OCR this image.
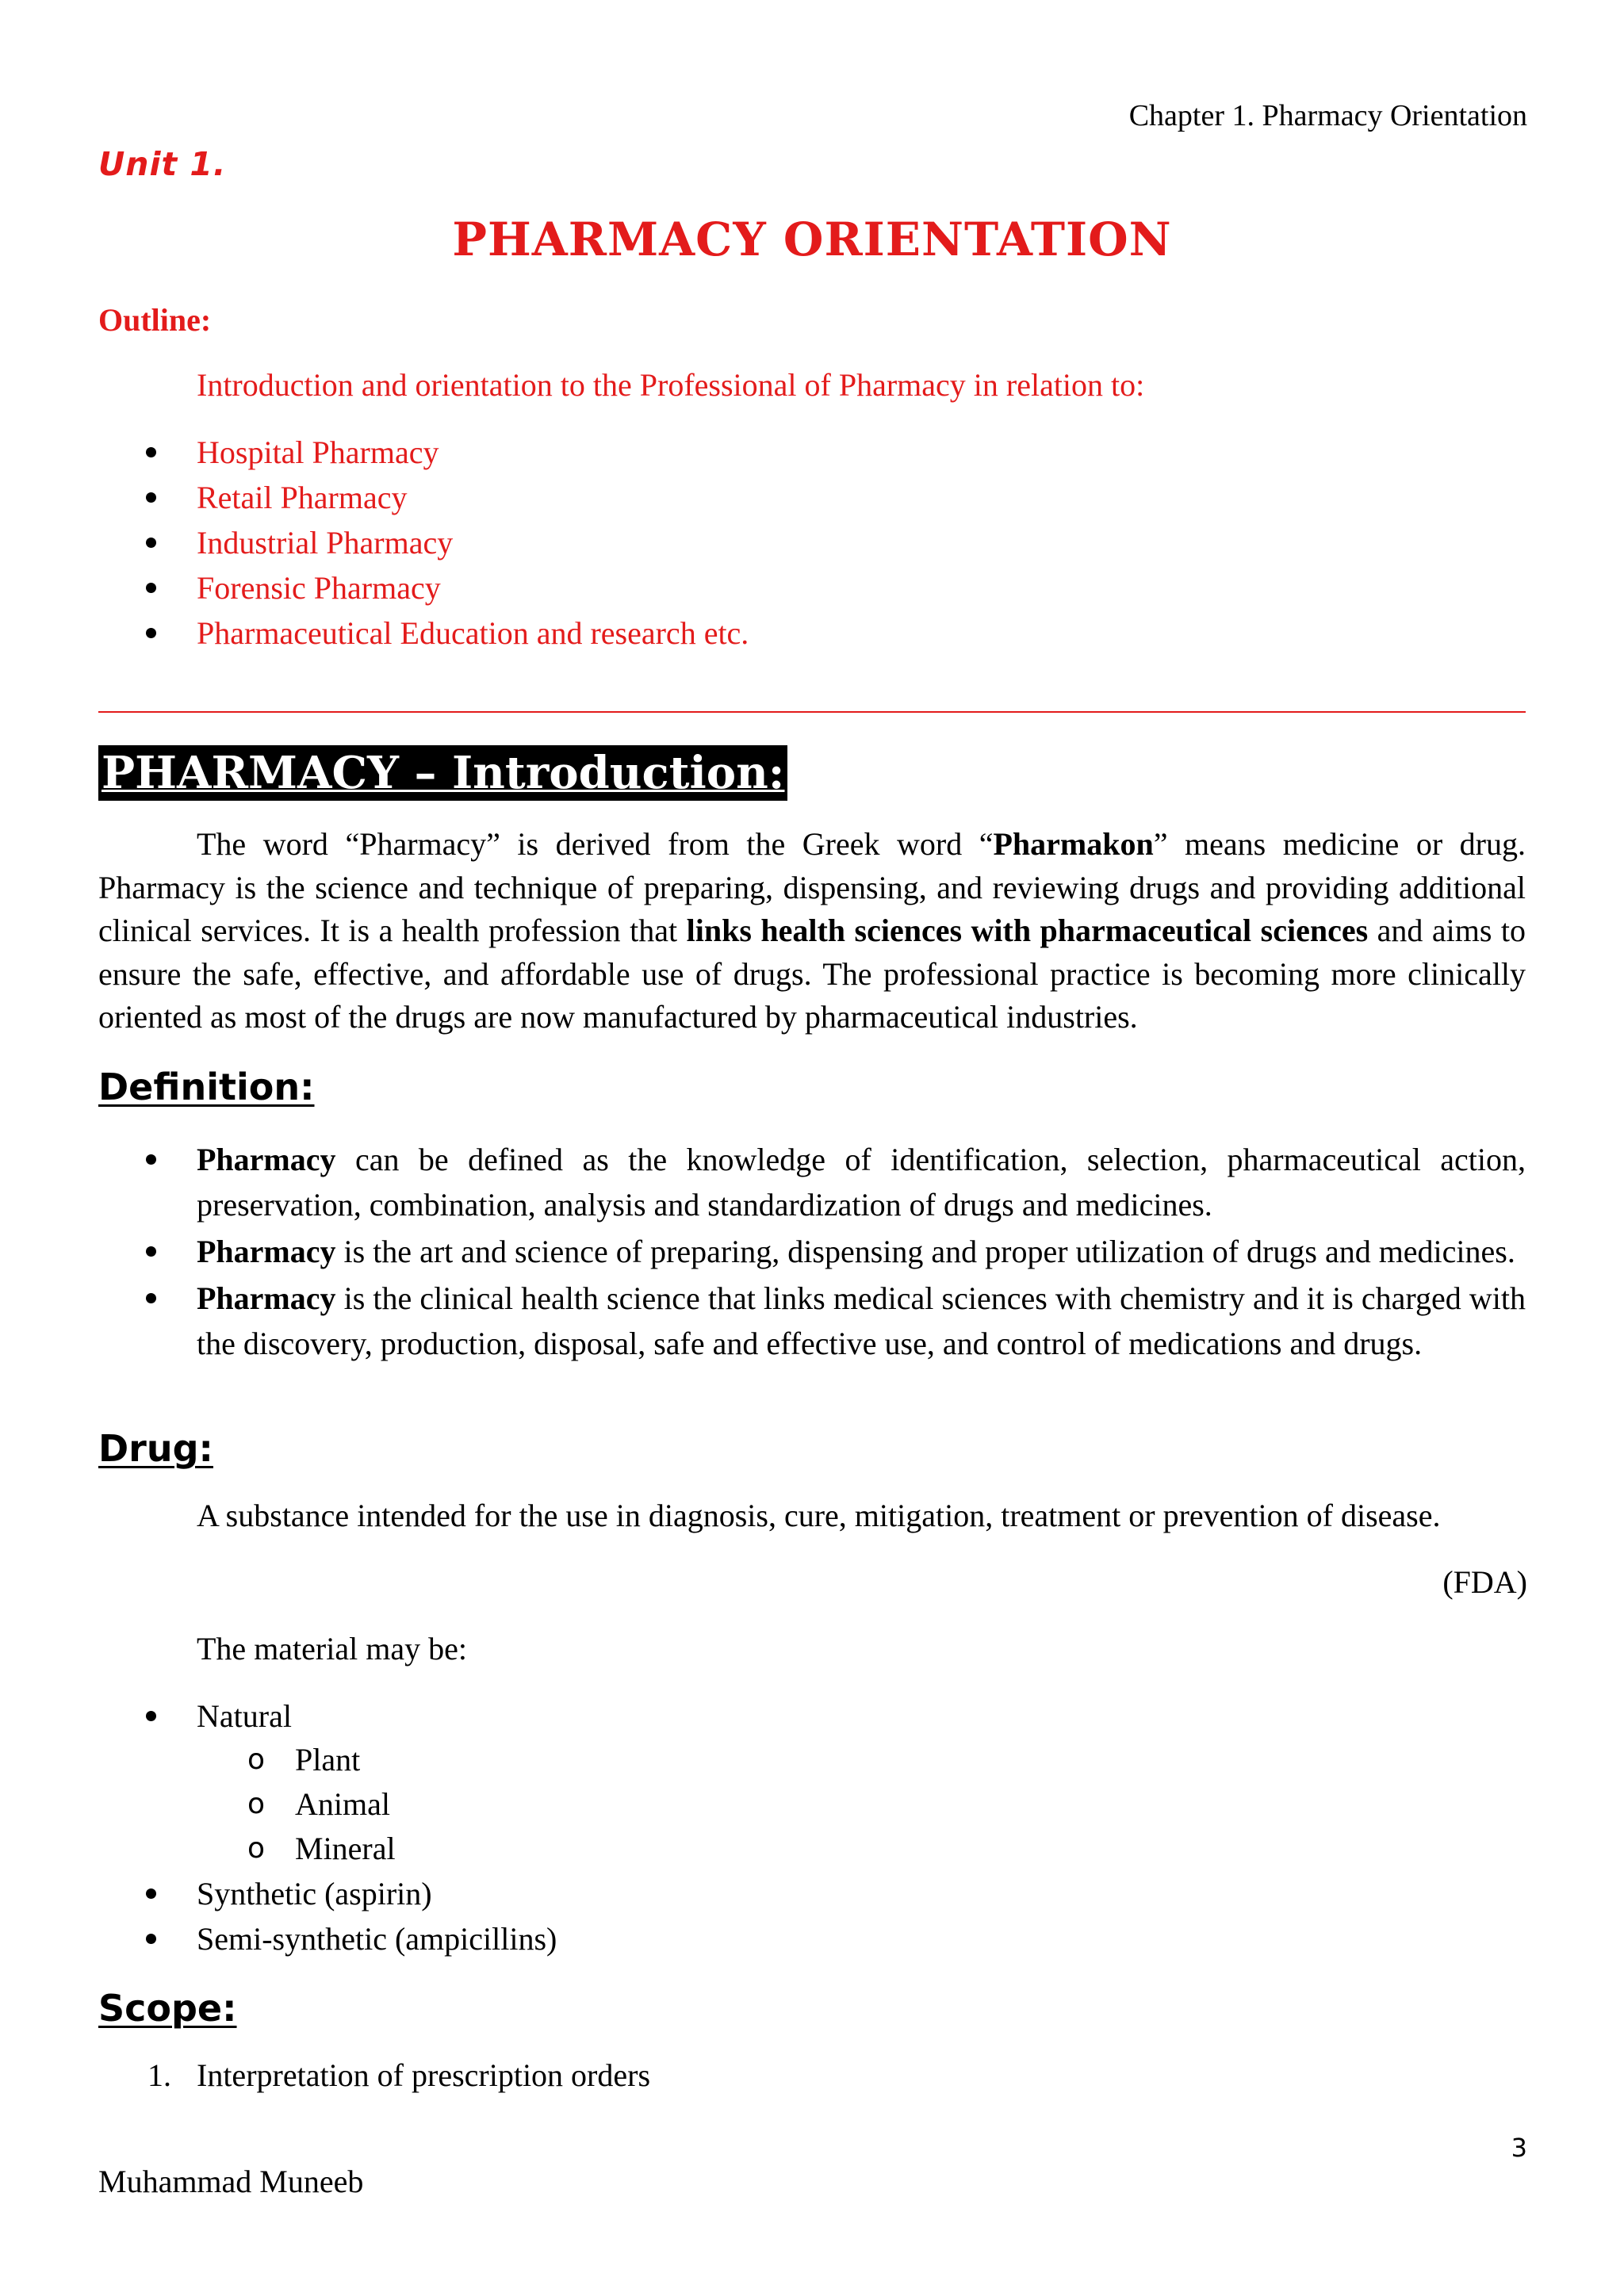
Chapter 1. Pharmacy Orientation
Unit 1.
PHARMACY ORIENTATION
Outline:
Introduction and orientation to the Professional of Pharmacy in relation to:
Hospital Pharmacy
Retail Pharmacy
Industrial Pharmacy
Forensic Pharmacy
Pharmaceutical Education and research etc.
PHARMACY – Introduction:
The word “Pharmacy” is derived from the Greek word “Pharmakon” means medicine or drug. Pharmacy is the science and technique of preparing, dispensing, and reviewing drugs and providing additional clinical services. It is a health profession that links health sciences with pharmaceutical sciences and aims to ensure the safe, effective, and affordable use of drugs. The professional practice is becoming more clinically oriented as most of the drugs are now manufactured by pharmaceutical industries.
Definition:
Pharmacy can be defined as the knowledge of identification, selection, pharmaceutical action, preservation, combination, analysis and standardization of drugs and medicines.
Pharmacy is the art and science of preparing, dispensing and proper utilization of drugs and medicines.
Pharmacy is the clinical health science that links medical sciences with chemistry and it is charged with the discovery, production, disposal, safe and effective use, and control of medications and drugs.
Drug:
A substance intended for the use in diagnosis, cure, mitigation, treatment or prevention of disease.
(FDA)
The material may be:
Natural
o Plant
o Animal
o Mineral
Synthetic (aspirin)
Semi-synthetic (ampicillins)
Scope:
1. Interpretation of prescription orders
3
Muhammad Muneeb
